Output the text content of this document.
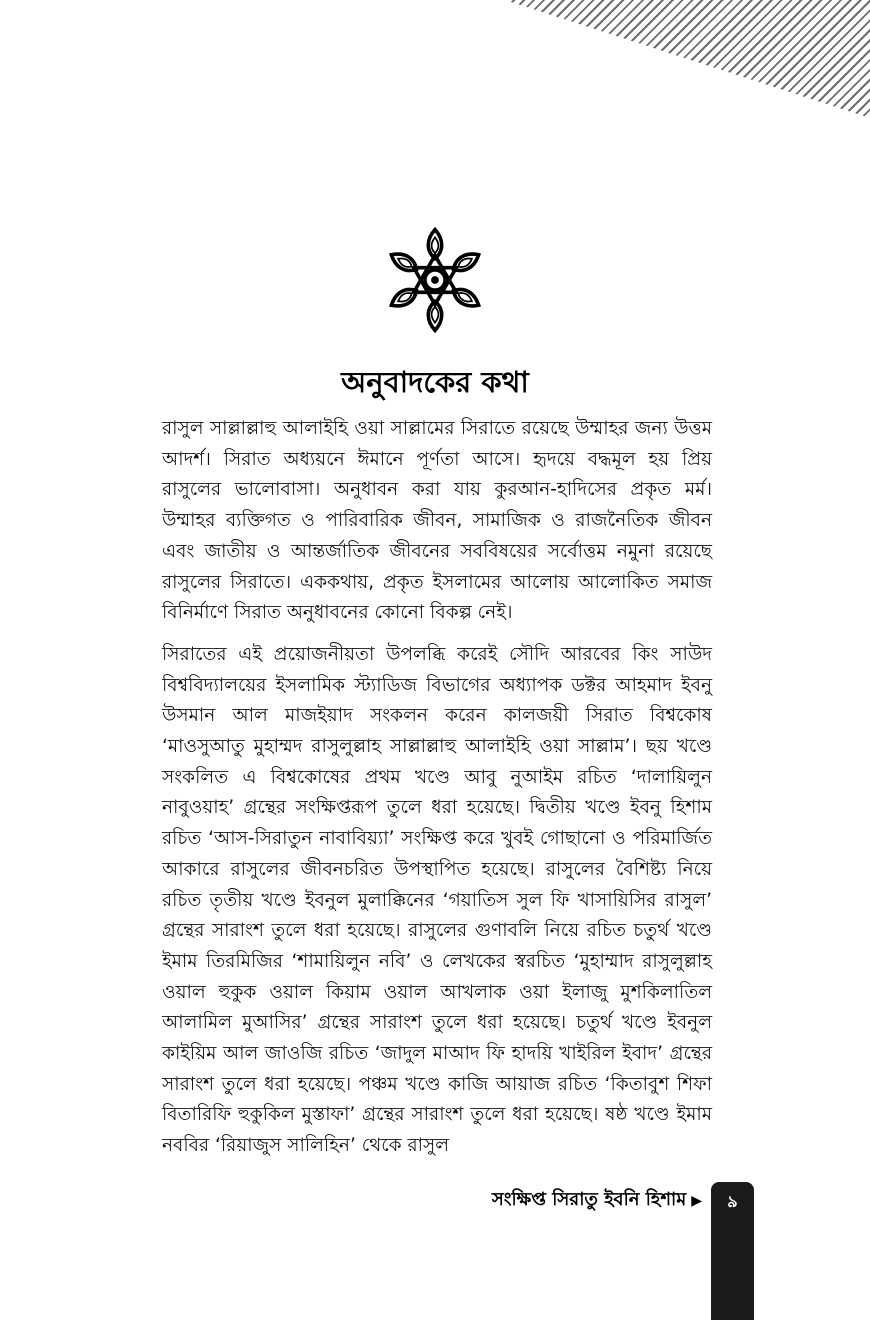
অনুবাদকের কথা

রাসুল সাল্লাল্লাহু আলাইহি ওয়া সাল্লামের সিরাতে রয়েছে উম্মাহর জন্য উত্তম আদর্শ। সিরাত অধ্যয়নে ঈমানে পূর্ণতা আসে। হৃদয়ে বদ্ধমূল হয় প্রিয় রাসুলের ভালোবাসা। অনুধাবন করা যায় কুরআন-হাদিসের প্রকৃত মর্ম। উম্মাহর ব্যক্তিগত ও পারিবারিক জীবন, সামাজিক ও রাজনৈতিক জীবন এবং জাতীয় ও আন্তর্জাতিক জীবনের সববিষয়ের সর্বোত্তম নমুনা রয়েছে রাসুলের সিরাতে। এককথায়, প্রকৃত ইসলামের আলোয় আলোকিত সমাজ বিনির্মাণে সিরাত অনুধাবনের কোনো বিকল্প নেই।

সিরাতের এই প্রয়োজনীয়তা উপলব্ধি করেই সৌদি আরবের কিং সাউদ বিশ্ববিদ্যালয়ের ইসলামিক স্ট্যাডিজ বিভাগের অধ্যাপক ডক্টর আহমাদ ইবনু উসমান আল মাজইয়াদ সংকলন করেন কালজয়ী সিরাত বিশ্বকোষ ‘মাওসুআতু মুহাম্মদ রাসুলুল্লাহ সাল্লাল্লাহু আলাইহি ওয়া সাল্লাম’। ছয় খণ্ডে সংকলিত এ বিশ্বকোষের প্রথম খণ্ডে আবু নুআইম রচিত ‘দালায়িলুন নাবুওয়াহ’ গ্রন্থের সংক্ষিপ্তরূপ তুলে ধরা হয়েছে। দ্বিতীয় খণ্ডে ইবনু হিশাম রচিত ‘আস-সিরাতুন নাবাবিয়্যা’ সংক্ষিপ্ত করে খুবই গোছানো ও পরিমার্জিত আকারে রাসুলের জীবনচরিত উপস্থাপিত হয়েছে। রাসুলের বৈশিষ্ট্য নিয়ে রচিত তৃতীয় খণ্ডে ইবনুল মুলাক্কিনের ‘গয়াতিস সুল ফি খাসায়িসির রাসুল’ গ্রন্থের সারাংশ তুলে ধরা হয়েছে। রাসুলের গুণাবলি নিয়ে রচিত চতুর্থ খণ্ডে ইমাম তিরমিজির ‘শামায়িলুন নবি’ ও লেখকের স্বরচিত ‘মুহাম্মাদ রাসুলুল্লাহ ওয়াল হুকুক ওয়াল কিয়াম ওয়াল আখলাক ওয়া ইলাজু মুশকিলাতিল আলামিল মুআসির’ গ্রন্থের সারাংশ তুলে ধরা হয়েছে। চতুর্থ খণ্ডে ইবনুল কাইয়িম আল জাওজি রচিত ‘জাদুল মাআদ ফি হাদয়ি খাইরিল ইবাদ’ গ্রন্থের সারাংশ তুলে ধরা হয়েছে। পঞ্চম খণ্ডে কাজি আয়াজ রচিত ‘কিতাবুশ শিফা বিতারিফি হুকুকিল মুস্তাফা’ গ্রন্থের সারাংশ তুলে ধরা হয়েছে। ষষ্ঠ খণ্ডে ইমাম নববির ‘রিয়াজুস সালিহিন’ থেকে রাসুল

সংক্ষিপ্ত সিরাতু ইবনি হিশাম ▶	৯
